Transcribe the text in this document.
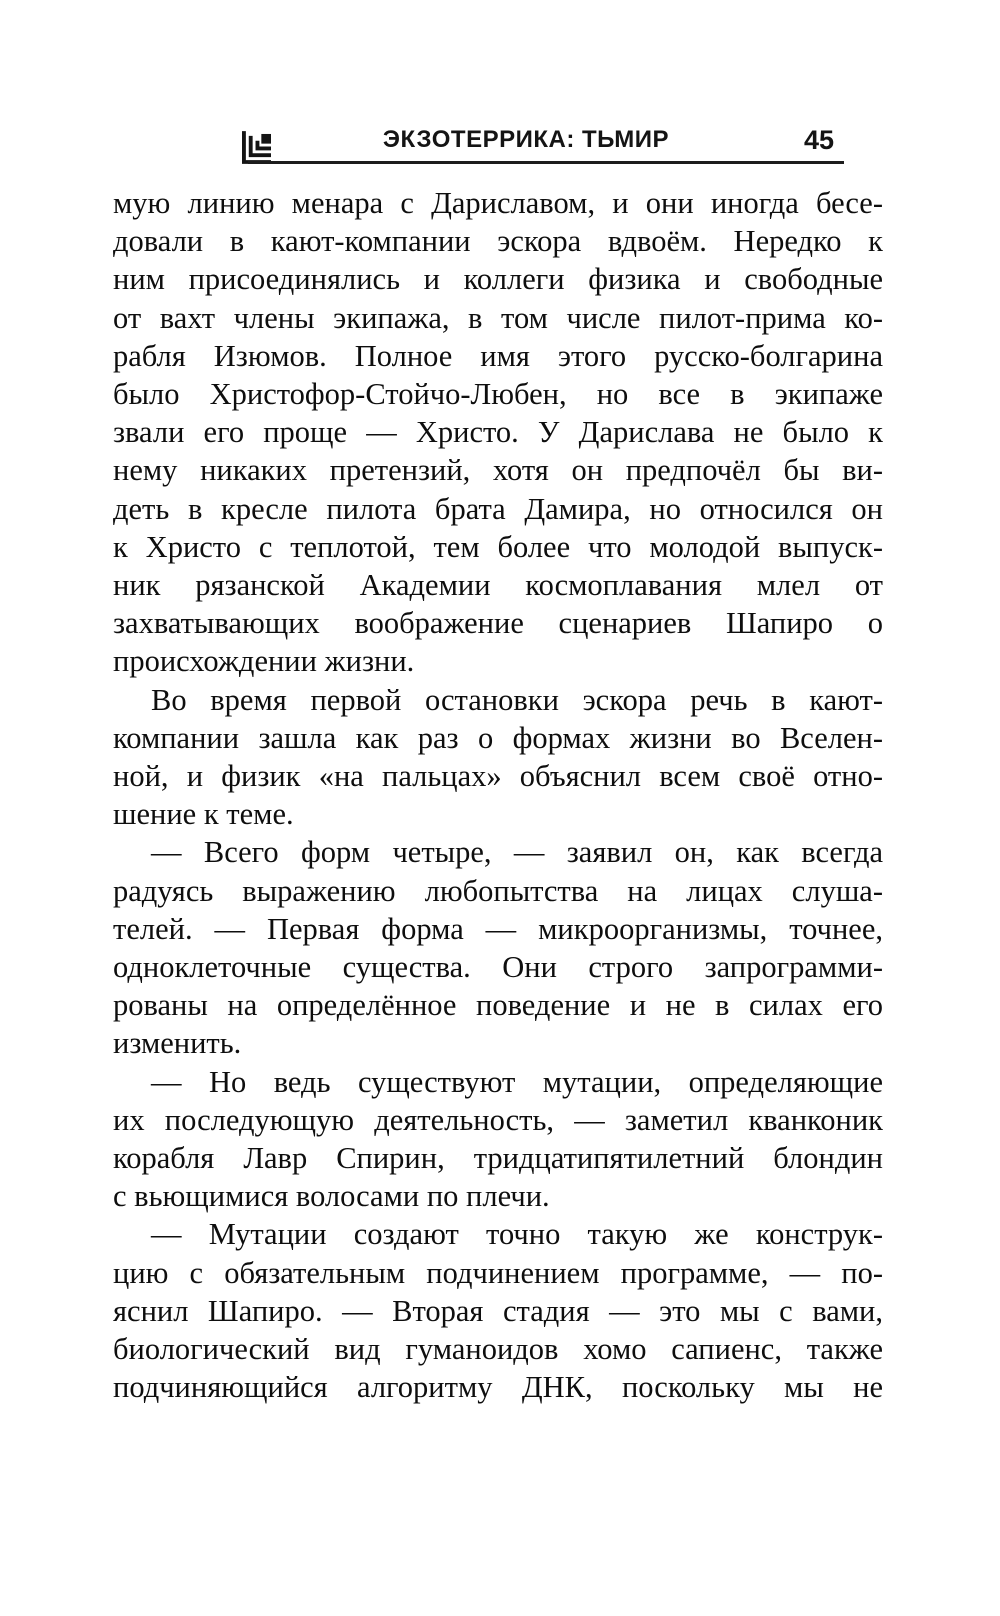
ЭКЗОТЕРРИКА: ТЬМИР	45
мую линию менара с Дариславом, и они иногда бесе-
довали в кают-компании эскора вдвоём. Нередко к
ним присоединялись и коллеги физика и свободные
от вахт члены экипажа, в том числе пилот-прима ко-
рабля Изюмов. Полное имя этого русско-болгарина
было Христофор-Стойчо-Любен, но все в экипаже
звали его проще — Христо. У Дарислава не было к
нему никаких претензий, хотя он предпочёл бы ви-
деть в кресле пилота брата Дамира, но относился он
к Христо с теплотой, тем более что молодой выпуск-
ник рязанской Академии космоплавания млел от
захватывающих воображение сценариев Шапиро о
происхождении жизни.
Во время первой остановки эскора речь в кают-
компании зашла как раз о формах жизни во Вселен-
ной, и физик «на пальцах» объяснил всем своё отно-
шение к теме.
— Всего форм четыре, — заявил он, как всегда
радуясь выражению любопытства на лицах слуша-
телей. — Первая форма — микроорганизмы, точнее,
одноклеточные существа. Они строго запрограмми-
рованы на определённое поведение и не в силах его
изменить.
— Но ведь существуют мутации, определяющие
их последующую деятельность, — заметил кванконик
корабля Лавр Спирин, тридцатипятилетний блондин
с вьющимися волосами по плечи.
— Мутации создают точно такую же конструк-
цию с обязательным подчинением программе, — по-
яснил Шапиро. — Вторая стадия — это мы с вами,
биологический вид гуманоидов хомо сапиенс, также
подчиняющийся алгоритму ДНК, поскольку мы не
